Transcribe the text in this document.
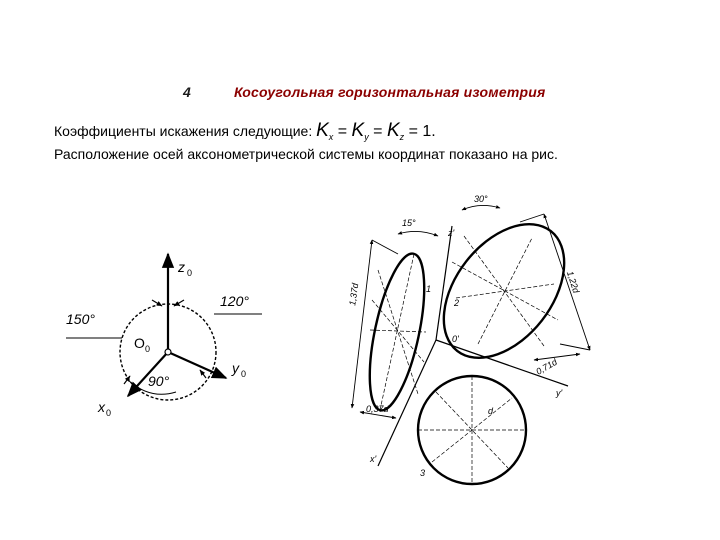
4	Косоугольная горизонтальная изометрия
Коэффициенты искажения следующие: $K_x = K_y = K_z = 1$.
Расположение осей аксонометрической системы координат показано на рис.
z 0
y 0
x 0
O 0
150°
120°
90°
15°
30°
1,37d
1,22d
0,71d
0,37d
z'
y'
x'
0'
d
1
2
3
